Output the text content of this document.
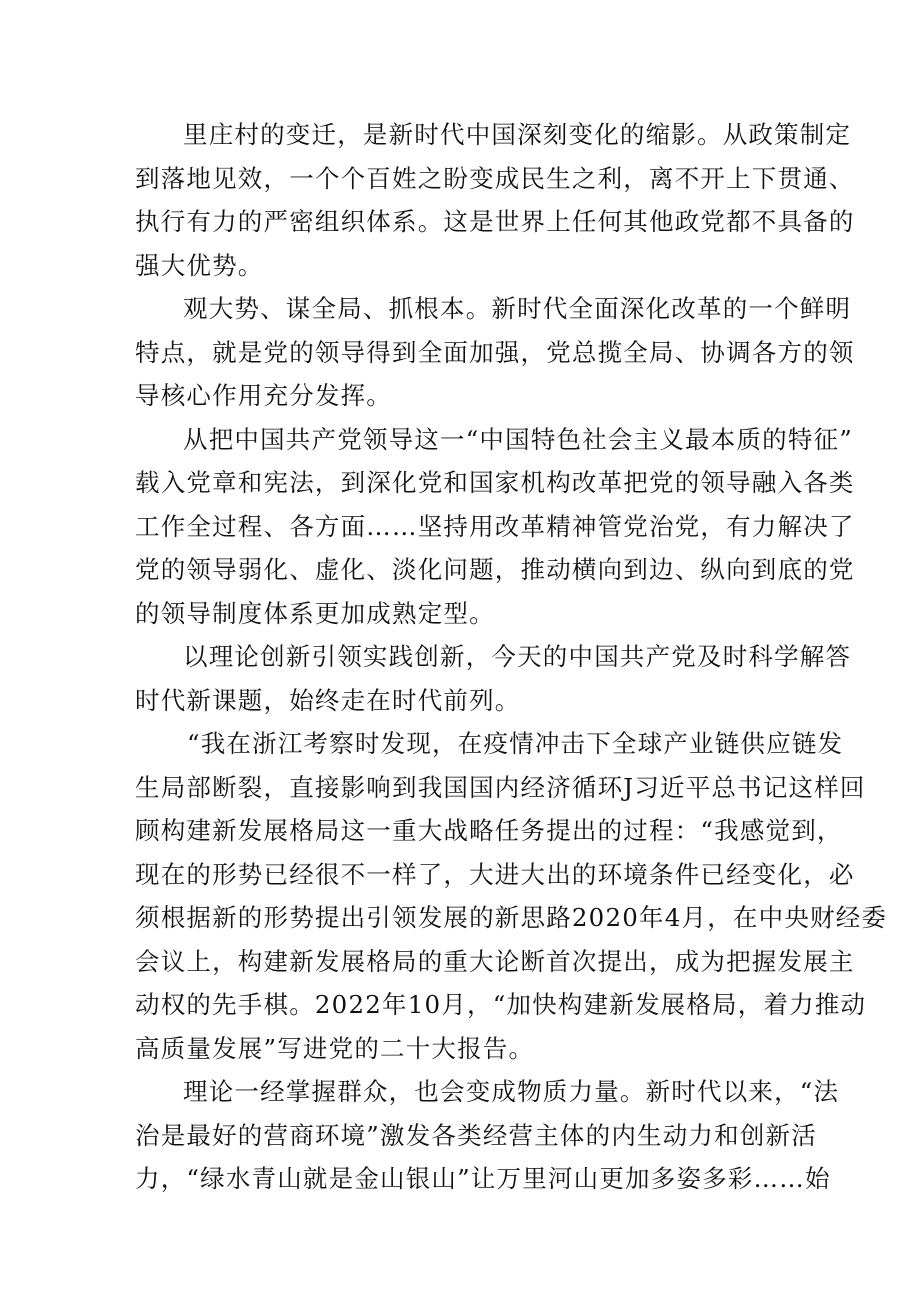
里庄村的变迁，是新时代中国深刻变化的缩影。从政策制定
到落地见效，一个个百姓之盼变成民生之利，离不开上下贯通、
执行有力的严密组织体系。这是世界上任何其他政党都不具备的
强大优势。
观大势、谋全局、抓根本。新时代全面深化改革的一个鲜明
特点，就是党的领导得到全面加强，党总揽全局、协调各方的领
导核心作用充分发挥。
从把中国共产党领导这一“中国特色社会主义最本质的特征”
载入党章和宪法，到深化党和国家机构改革把党的领导融入各类
工作全过程、各方面……坚持用改革精神管党治党，有力解决了
党的领导弱化、虚化、淡化问题，推动横向到边、纵向到底的党
的领导制度体系更加成熟定型。
以理论创新引领实践创新，今天的中国共产党及时科学解答
时代新课题，始终走在时代前列。
“我在浙江考察时发现，在疫情冲击下全球产业链供应链发
生局部断裂，直接影响到我国国内经济循环J习近平总书记这样回
顾构建新发展格局这一重大战略任务提出的过程：“我感觉到，
现在的形势已经很不一样了，大进大出的环境条件已经变化，必
须根据新的形势提出引领发展的新思路2020年4月，在中央财经委
会议上，构建新发展格局的重大论断首次提出，成为把握发展主
动权的先手棋。2022年10月，“加快构建新发展格局，着力推动
高质量发展”写进党的二十大报告。
理论一经掌握群众，也会变成物质力量。新时代以来，“法
治是最好的营商环境”激发各类经营主体的内生动力和创新活
力，“绿水青山就是金山银山”让万里河山更加多姿多彩……始
